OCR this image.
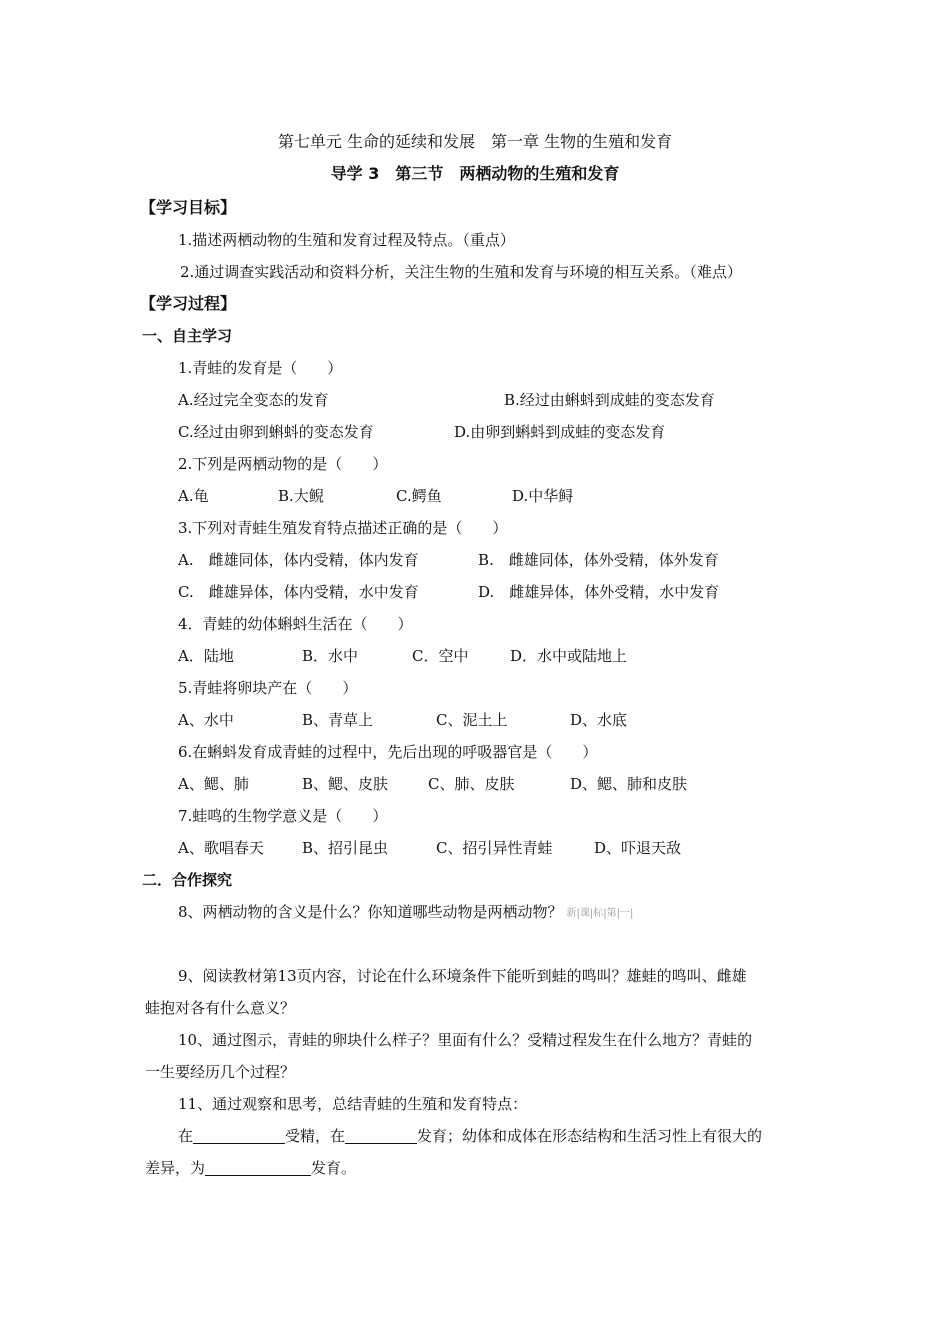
第七单元 生命的延续和发展　第一章 生物的生殖和发育
导学 3　第三节　两栖动物的生殖和发育
【学习目标】
1.描述两栖动物的生殖和发育过程及特点。（重点）
2.通过调查实践活动和资料分析，关注生物的生殖和发育与环境的相互关系。（难点）
【学习过程】
一、自主学习
1.青蛙的发育是（　　）
A.经过完全变态的发育	B.经过由蝌蚪到成蛙的变态发育
C.经过由卵到蝌蚪的变态发育	D.由卵到蝌蚪到成蛙的变态发育
2.下列是两栖动物的是（　　）
A.龟	B.大鲵	C.鳄鱼	D.中华鲟
3.下列对青蛙生殖发育特点描述正确的是（　　）
A.　雌雄同体，体内受精，体内发育	B.　雌雄同体，体外受精，体外发育
C.　雌雄异体，体内受精，水中发育	D.　雌雄异体，体外受精，水中发育
4．青蛙的幼体蝌蚪生活在（　　）
A．陆地	B．水中	C．空中	D．水中或陆地上
5.青蛙将卵块产在（　　）
A、水中	B、青草上	C、泥土上	D、水底
6.在蝌蚪发育成青蛙的过程中，先后出现的呼吸器官是（　　）
A、鳃、肺	B、鳃、皮肤	C、肺、皮肤	D、鳃、肺和皮肤
7.蛙鸣的生物学意义是（　　）
A、歌唱春天	B、招引昆虫	C、招引异性青蛙	D、吓退天敌
二．合作探究
8、两栖动物的含义是什么？你知道哪些动物是两栖动物？ 新|课|标|第|一|
9、阅读教材第13页内容，讨论在什么环境条件下能听到蛙的鸣叫？雄蛙的鸣叫、雌雄
蛙抱对各有什么意义？
10、通过图示，青蛙的卵块什么样子？里面有什么？受精过程发生在什么地方？青蛙的
一生要经历几个过程？
11、通过观察和思考，总结青蛙的生殖和发育特点：
在	受精，在	发育；幼体和成体在形态结构和生活习性上有很大的
差异，为	发育。
